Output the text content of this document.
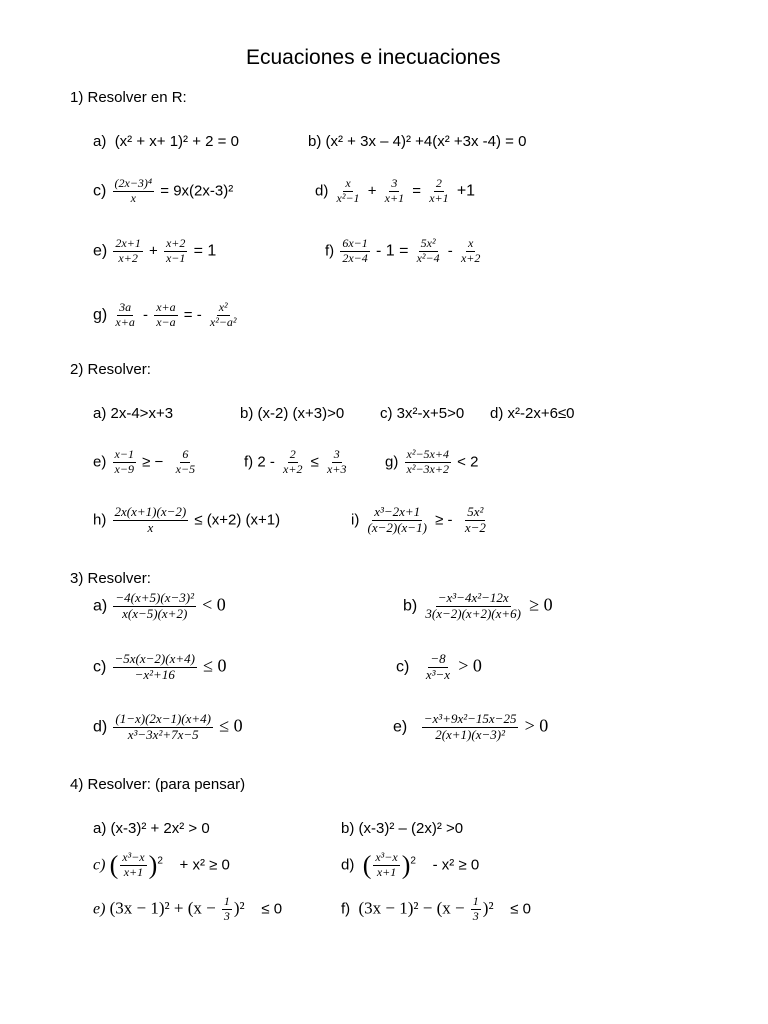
Ecuaciones e inecuaciones
1) Resolver en R:
a) (x² + x+ 1)² + 2 = 0	b) (x² + 3x – 4)² +4(x² +3x -4) = 0
$c) \frac{\text{(2x−3)⁴}}{x} = 9x(2x-3)^2$	$d) \frac{x}{\text{x²−1}} + \frac{3}{x+1} = \frac{2}{x+1} +1$
$e) \frac{2x+1}{x+2} + \frac{x+2}{x-1} = 1$	$f) \frac{6x-1}{2x-4} - 1 = \frac{\text{5x²}}{\text{x²−4}} - \frac{x}{x+2}$
$g) \frac{3a}{x+a} - \frac{x+a}{x-a}$ = - $\frac{\text{x²}}{\text{x²−a²}}$
2) Resolver:
a) 2x-4>x+3	b) (x-2) (x+3)>0 c) 3x²-x+5>0 d) x²-2x+6≤0
$e) \frac{x-1}{x-9}$ ≥ − $\frac{6}{x-5}$	f) $2 - \frac{2}{x+2} \le \frac{3}{x+3} g) \frac{\text{x²−5x+4}}{\text{x²−3x+2}} < 2$
$h) \frac{2x(x+1)(x-2)}{x} \le (x+2)$ (x+1)	$i) \frac{\text{x³−2x+1}}{(x-2)(x-1)}$ ≥ - $\frac{\text{5x²}}{x-2}$
3) Resolver:
$a) \frac{\text{−4(x+5)(x−3)²}}{x(x-5)(x+2)} < 0$	$b) \frac{\text{−x³−4x²−12x}}{3(x-2)(x+2)(x+6)} \ge 0$
$c) \frac{-5x(x-2)(x+4)}{\text{−x²+16}} \le 0$	$c) \frac{-8}{\text{x³−x}} > 0$
$d) \frac{(1-x)(2x-1)(x+4)}{\text{x³−3x²+7x−5}} \le 0$	$e) \frac{\text{−x³+9x²−15x−25}}{\text{2(x+1)(x−3)²}} > 0$
4) Resolver: (para pensar)
a) (x-3)² + 2x² > 0	b) (x-3)² – (2x)² >0
c) ( $\frac{\text{x³−x}}{x+1} )^2 + x^2 \ge 0$	d) ( $\frac{\text{x³−x}}{x+1} )^2 - x^2 \ge 0$
e) $(3x - 1)^2 + (x - \frac{1}{3} )^2 \le 0$	f) $(3x - 1)^2 - (x - \frac{1}{3} )^2 \le 0$
